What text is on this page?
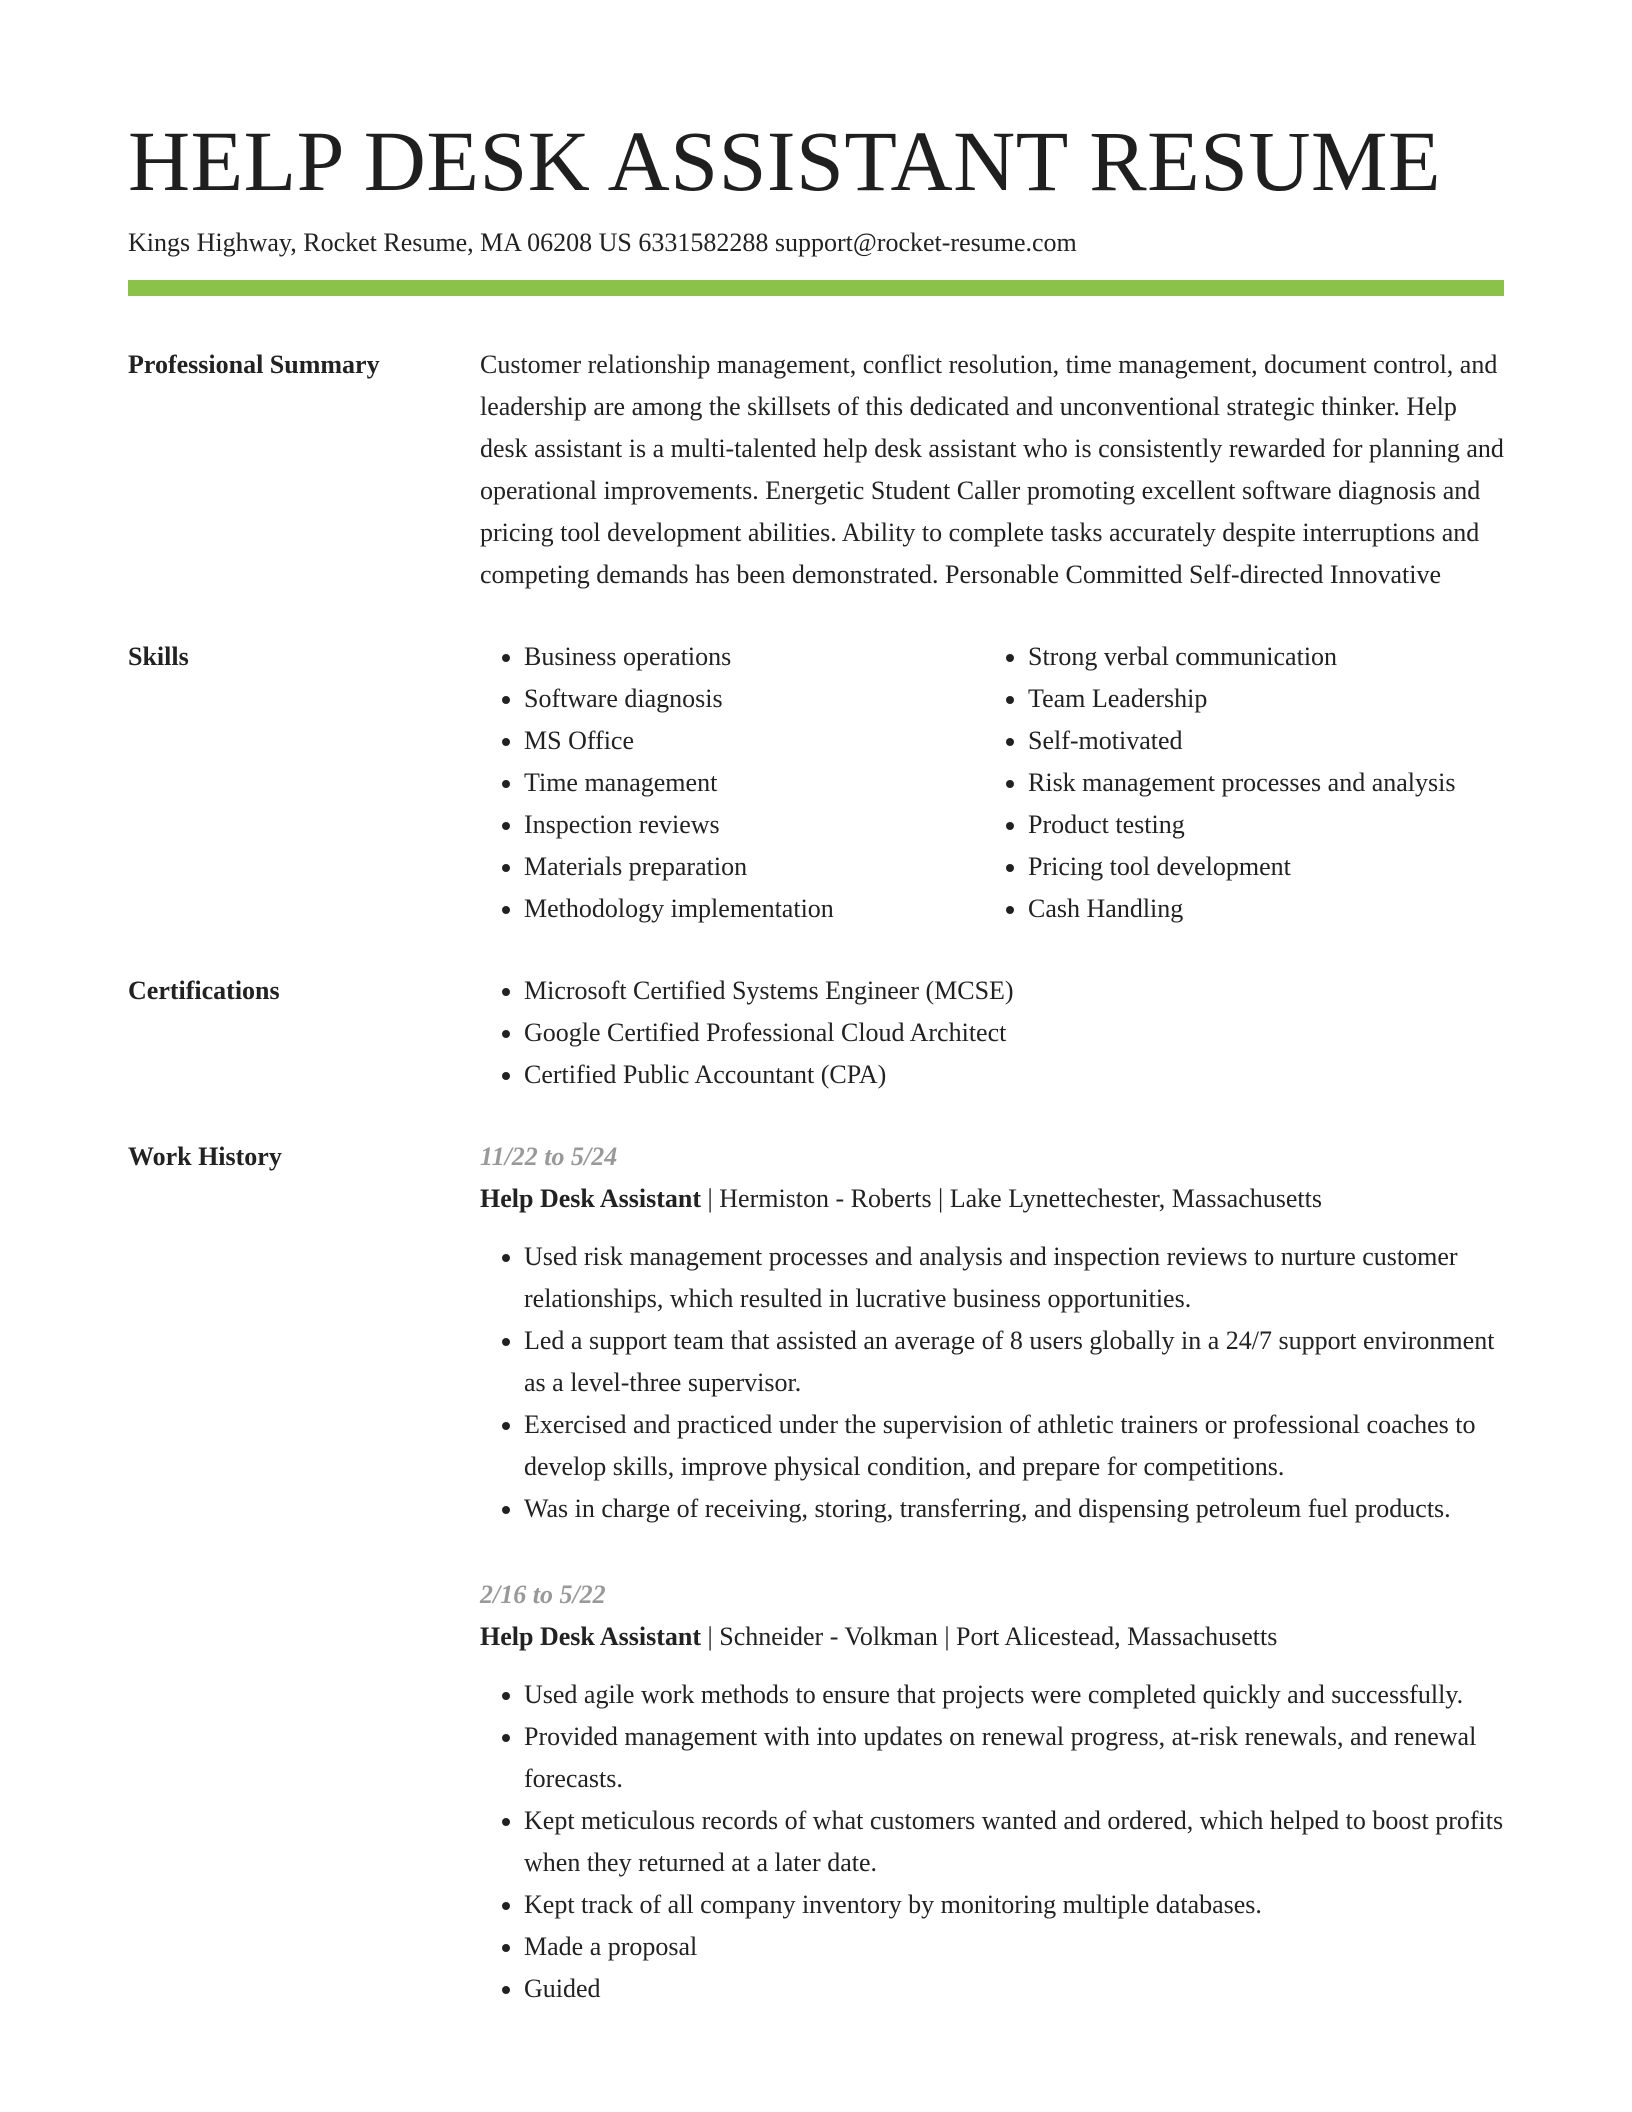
HELP DESK ASSISTANT RESUME
Kings Highway, Rocket Resume, MA 06208 US 6331582288 support@rocket-resume.com
Professional Summary	Customer relationship management, conflict resolution, time management, document control, and leadership are among the skillsets of this dedicated and unconventional strategic thinker. Help desk assistant is a multi-talented help desk assistant who is consistently rewarded for planning and operational improvements. Energetic Student Caller promoting excellent software diagnosis and pricing tool development abilities. Ability to complete tasks accurately despite interruptions and competing demands has been demonstrated. Personable Committed Self-directed Innovative

Skills	• Business operations
• Software diagnosis
• MS Office
• Time management
• Inspection reviews
• Materials preparation
• Methodology implementation
• Strong verbal communication
• Team Leadership
• Self-motivated
• Risk management processes and analysis
• Product testing
• Pricing tool development
• Cash Handling
Certifications	• Microsoft Certified Systems Engineer (MCSE)
• Google Certified Professional Cloud Architect
• Certified Public Accountant (CPA)
Work History	11/22 to 5/24
Help Desk Assistant | Hermiston - Roberts | Lake Lynettechester, Massachusetts
• Used risk management processes and analysis and inspection reviews to nurture customer relationships, which resulted in lucrative business opportunities.
• Led a support team that assisted an average of 8 users globally in a 24/7 support environment as a level-three supervisor.
• Exercised and practiced under the supervision of athletic trainers or professional coaches to develop skills, improve physical condition, and prepare for competitions.
• Was in charge of receiving, storing, transferring, and dispensing petroleum fuel products.
2/16 to 5/22
Help Desk Assistant | Schneider - Volkman | Port Alicestead, Massachusetts
• Used agile work methods to ensure that projects were completed quickly and successfully.
• Provided management with into updates on renewal progress, at-risk renewals, and renewal forecasts.
• Kept meticulous records of what customers wanted and ordered, which helped to boost profits when they returned at a later date.
• Kept track of all company inventory by monitoring multiple databases.
• Made a proposal
• Guided
